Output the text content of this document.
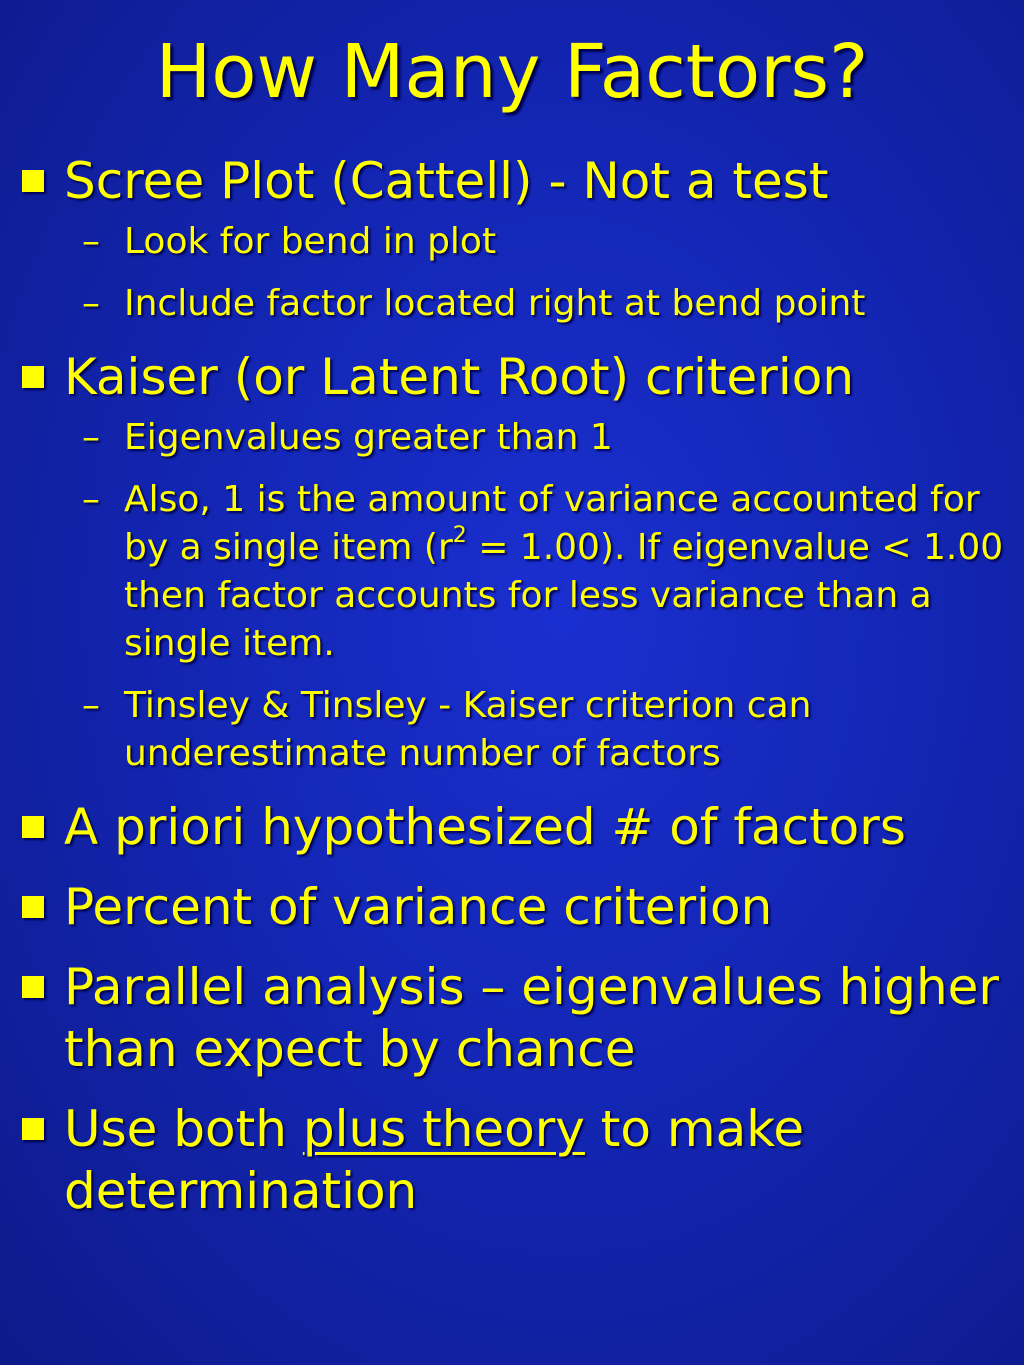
How Many Factors?
Scree Plot (Cattell) - Not a test
– Look for bend in plot
– Include factor located right at bend point
Kaiser (or Latent Root) criterion
– Eigenvalues greater than 1
– Also, 1 is the amount of variance accounted for by a single item $(r^2 = 1.00)$. If eigenvalue < 1.00 then factor accounts for less variance than a single item.
– Tinsley & Tinsley - Kaiser criterion can underestimate number of factors
A priori hypothesized # of factors
Percent of variance criterion
Parallel analysis – eigenvalues higher than expect by chance
Use both plus theory to make determination
